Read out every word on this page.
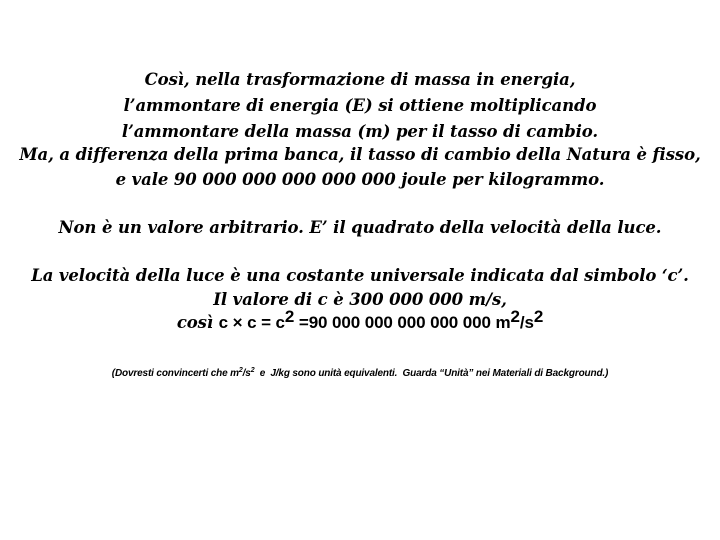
Così, nella trasformazione di massa in energia,
l’ammontare di energia (E) si ottiene moltiplicando
l’ammontare della massa (m) per il tasso di cambio.
Ma, a differenza della prima banca, il tasso di cambio della Natura è fisso,
e vale 90 000 000 000 000 000 joule per kilogrammo.
Non è un valore arbitrario. E’ il quadrato della velocità della luce.
La velocità della luce è una costante universale indicata dal simbolo ‘c’.
Il valore di c è 300 000 000 m/s,
così $c \times c = c^2 =90$ 000 000 000 000 000 $m^2/s^2$
(Dovresti convincerti che $m^2/s^2$  e  J/kg sono unità equivalenti.  Guarda “Unità” nei Materiali di Background.)
